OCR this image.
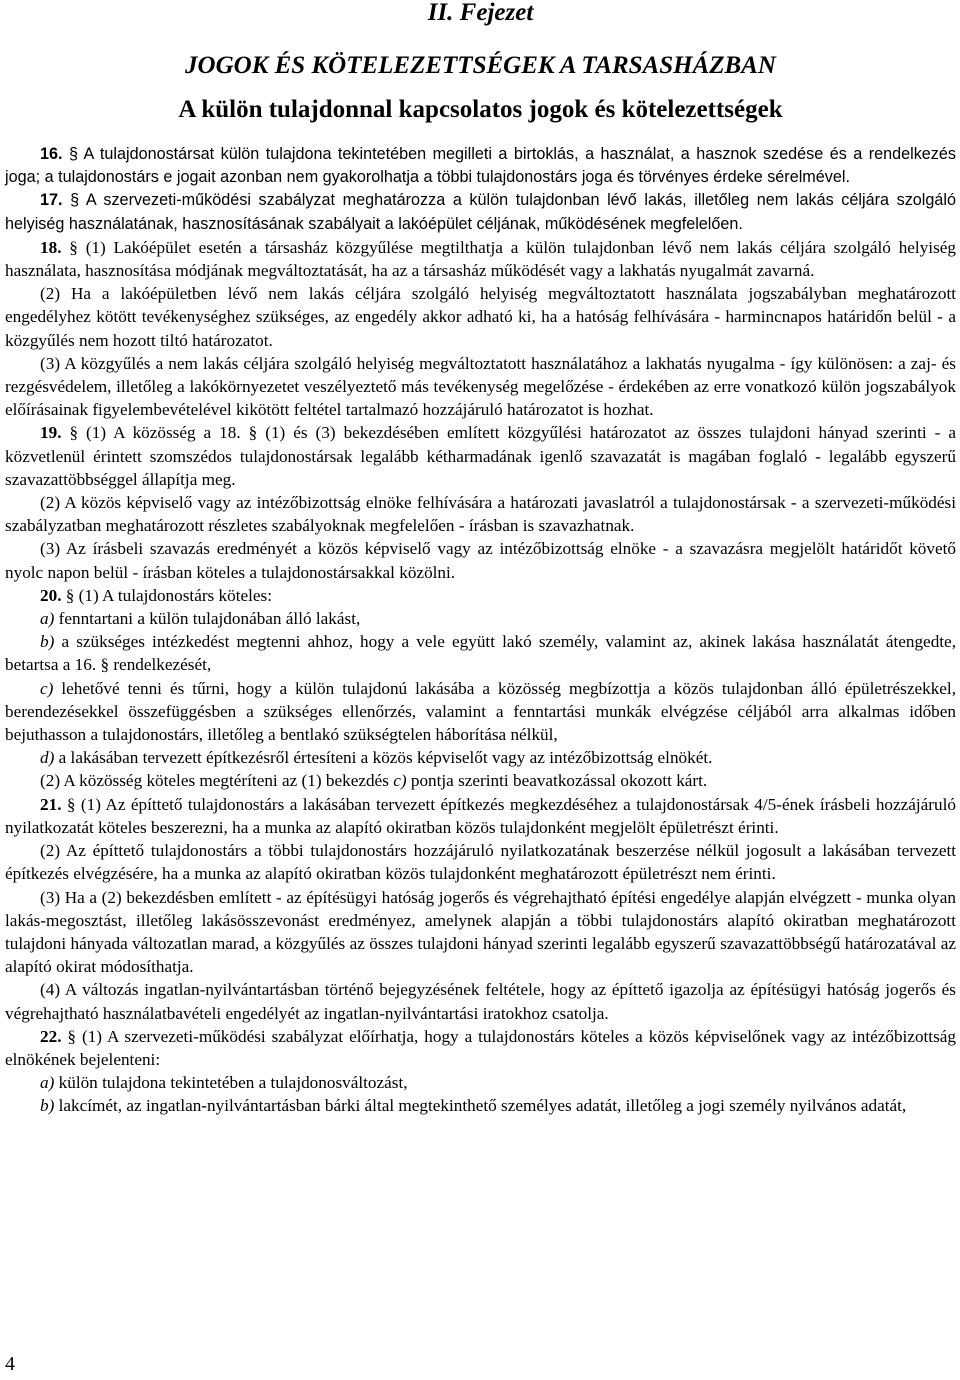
II. Fejezet
JOGOK ÉS KÖTELEZETTSÉGEK A TARSASHÁZBAN
A külön tulajdonnal kapcsolatos jogok és kötelezettségek

16. § A tulajdonostársat külön tulajdona tekintetében megilleti a birtoklás, a használat, a hasznok szedése és a rendelkezés joga; a tulajdonostárs e jogait azonban nem gyakorolhatja a többi tulajdonostárs joga és törvényes érdeke sérelmével.

17. § A szervezeti-működési szabályzat meghatározza a külön tulajdonban lévő lakás, illetőleg nem lakás céljára szolgáló helyiség használatának, hasznosításának szabályait a lakóépület céljának, működésének megfelelően.

18. § (1) Lakóépület esetén a társasház közgyűlése megtilthatja a külön tulajdonban lévő nem lakás céljára szolgáló helyiség használata, hasznosítása módjának megváltoztatását, ha az a társasház működését vagy a lakhatás nyugalmát zavarná.

(2) Ha a lakóépületben lévő nem lakás céljára szolgáló helyiség megváltoztatott használata jogszabályban meghatározott engedélyhez kötött tevékenységhez szükséges, az engedély akkor adható ki, ha a hatóság felhívására - harmincnapos határidőn belül - a közgyűlés nem hozott tiltó határozatot.

(3) A közgyűlés a nem lakás céljára szolgáló helyiség megváltoztatott használatához a lakhatás nyugalma - így különösen: a zaj- és rezgésvédelem, illetőleg a lakókörnyezetet veszélyeztető más tevékenység megelőzése - érdekében az erre vonatkozó külön jogszabályok előírásainak figyelembevételével kikötött feltétel tartalmazó hozzájáruló határozatot is hozhat.

19. § (1) A közösség a 18. § (1) és (3) bekezdésében említett közgyűlési határozatot az összes tulajdoni hányad szerinti - a közvetlenül érintett szomszédos tulajdonostársak legalább kétharmadának igenlő szavazatát is magában foglaló - legalább egyszerű szavazattöbbséggel állapítja meg.

(2) A közös képviselő vagy az intézőbizottság elnöke felhívására a határozati javaslatról a tulajdonostársak - a szervezeti-működési szabályzatban meghatározott részletes szabályoknak megfelelően - írásban is szavazhatnak.

(3) Az írásbeli szavazás eredményét a közös képviselő vagy az intézőbizottság elnöke - a szavazásra megjelölt határidőt követő nyolc napon belül - írásban köteles a tulajdonostársakkal közölni.

20. § (1) A tulajdonostárs köteles:

a) fenntartani a külön tulajdonában álló lakást,

b) a szükséges intézkedést megtenni ahhoz, hogy a vele együtt lakó személy, valamint az, akinek lakása használatát átengedte, betartsa a 16. § rendelkezését,

c) lehetővé tenni és tűrni, hogy a külön tulajdonú lakásába a közösség megbízottja a közös tulajdonban álló épületrészekkel, berendezésekkel összefüggésben a szükséges ellenőrzés, valamint a fenntartási munkák elvégzése céljából arra alkalmas időben bejuthasson a tulajdonostárs, illetőleg a bentlakó szükségtelen háborítása nélkül,

d) a lakásában tervezett építkezésről értesíteni a közös képviselőt vagy az intézőbizottság elnökét.

(2) A közösség köteles megtéríteni az (1) bekezdés c) pontja szerinti beavatkozással okozott kárt.

21. § (1) Az építtető tulajdonostárs a lakásában tervezett építkezés megkezdéséhez a tulajdonostársak 4/5-ének írásbeli hozzájáruló nyilatkozatát köteles beszerezni, ha a munka az alapító okiratban közös tulajdonként megjelölt épületrészt érinti.

(2) Az építtető tulajdonostárs a többi tulajdonostárs hozzájáruló nyilatkozatának beszerzése nélkül jogosult a lakásában tervezett építkezés elvégzésére, ha a munka az alapító okiratban közös tulajdonként meghatározott épületrészt nem érinti.

(3) Ha a (2) bekezdésben említett - az építésügyi hatóság jogerős és végrehajtható építési engedélye alapján elvégzett - munka olyan lakás-megosztást, illetőleg lakásösszevonást eredményez, amelynek alapján a többi tulajdonostárs alapító okiratban meghatározott tulajdoni hányada változatlan marad, a közgyűlés az összes tulajdoni hányad szerinti legalább egyszerű szavazattöbbségű határozatával az alapító okirat módosíthatja.

(4) A változás ingatlan-nyilvántartásban történő bejegyzésének feltétele, hogy az építtető igazolja az építésügyi hatóság jogerős és végrehajtható használatbavételi engedélyét az ingatlan-nyilvántartási iratokhoz csatolja.

22. § (1) A szervezeti-működési szabályzat előírhatja, hogy a tulajdonostárs köteles a közös képviselőnek vagy az intézőbizottság elnökének bejelenteni:

a) külön tulajdona tekintetében a tulajdonosváltozást,

b) lakcímét, az ingatlan-nyilvántartásban bárki által megtekinthető személyes adatát, illetőleg a jogi személy nyilvános adatát,

4
